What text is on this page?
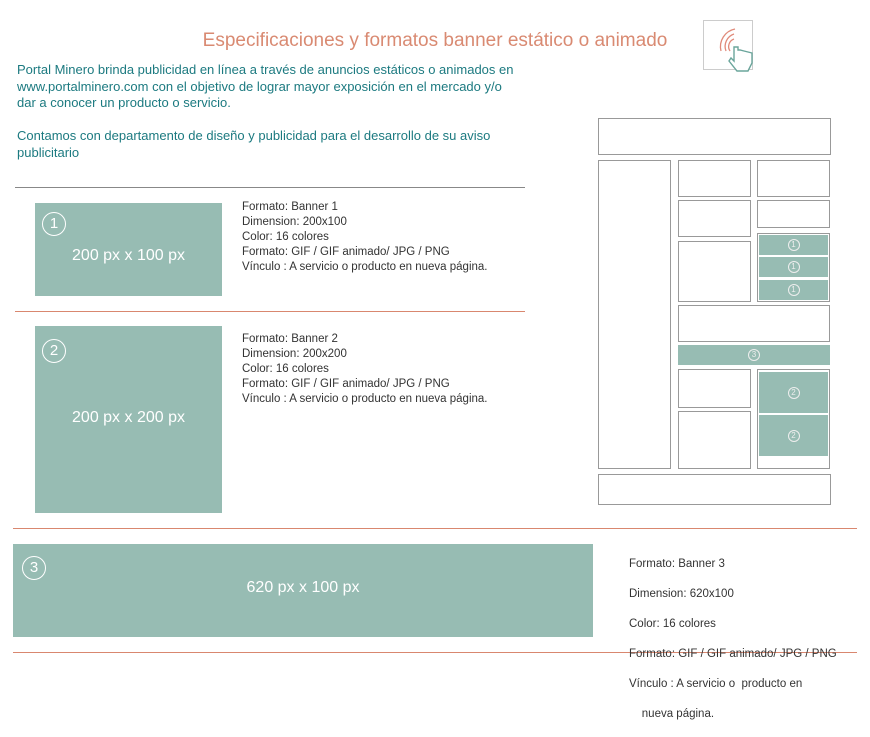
Especificaciones y formatos banner estático o animado
Portal Minero brinda publicidad en línea a través de anuncios estáticos o animados en
www.portalminero.com con el objetivo de lograr mayor exposición en el mercado y/o
dar a conocer un producto o servicio.
Contamos con departamento de diseño y publicidad para el desarrollo de su aviso
publicitario
1
200 px x 100 px
Formato: Banner 1
Dimension: 200x100
Color: 16 colores
Formato: GIF / GIF animado/ JPG / PNG
Vínculo : A servicio o producto en nueva página.
2
200 px x 200 px
Formato: Banner 2
Dimension: 200x200
Color: 16 colores
Formato: GIF / GIF animado/ JPG / PNG
Vínculo : A servicio o producto en nueva página.
3
620 px x 100 px

Formato: Banner 3

Dimension: 620x100

Color: 16 colores

Formato: GIF / GIF animado/ JPG / PNG

Vínculo : A servicio o  producto en

nueva página.

1
1
1
3
2
2
